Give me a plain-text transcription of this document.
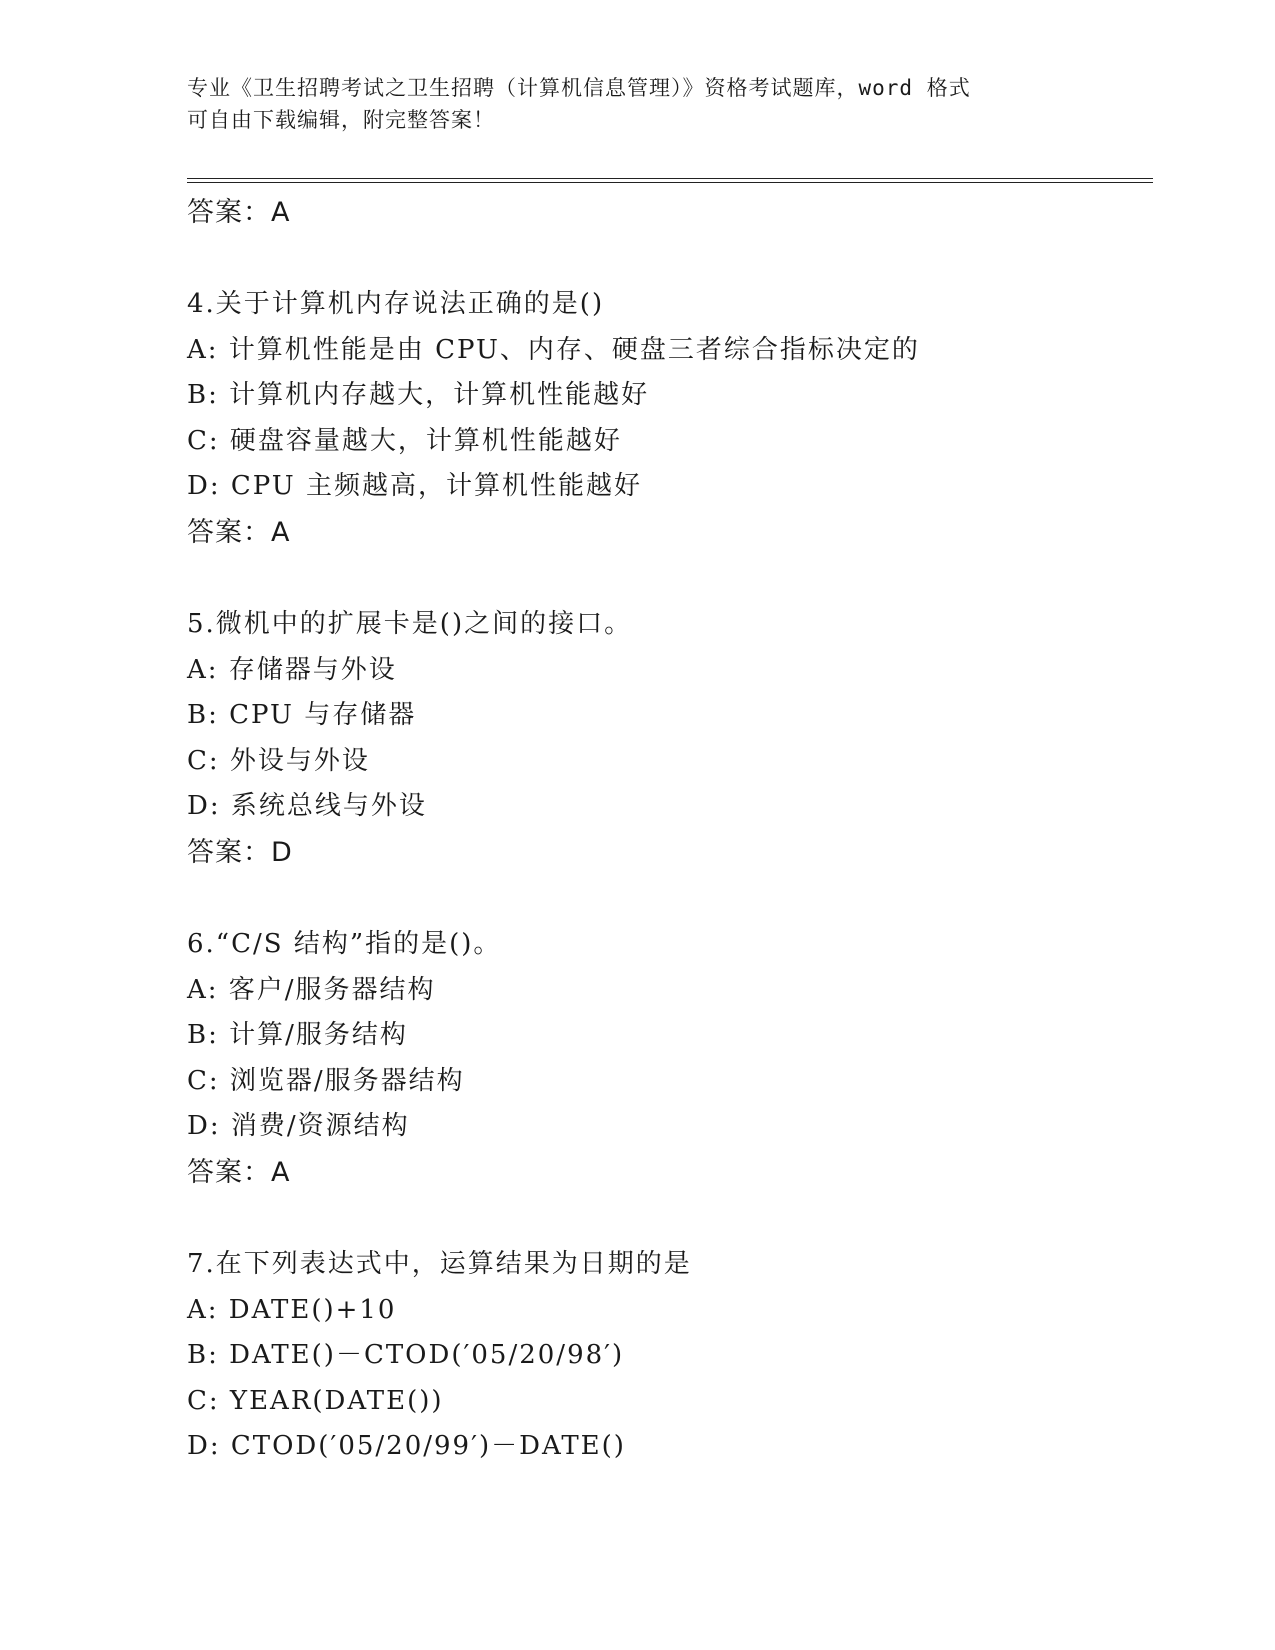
专业《卫生招聘考试之卫生招聘（计算机信息管理）》资格考试题库，word 格式
可自由下载编辑，附完整答案！
答案：A
4.关于计算机内存说法正确的是()
A: 计算机性能是由 CPU、内存、硬盘三者综合指标决定的
B: 计算机内存越大，计算机性能越好
C: 硬盘容量越大，计算机性能越好
D: CPU 主频越高，计算机性能越好
答案：A
5.微机中的扩展卡是()之间的接口。
A: 存储器与外设
B: CPU 与存储器
C: 外设与外设
D: 系统总线与外设
答案：D
6.“C/S 结构”指的是()。
A: 客户/服务器结构
B: 计算/服务结构
C: 浏览器/服务器结构
D: 消费/资源结构
答案：A
7.在下列表达式中，运算结果为日期的是
A: DATE()+10
B: DATE()－CTOD(′05/20/98′)
C: YEAR(DATE())
D: CTOD(′05/20/99′)－DATE()
